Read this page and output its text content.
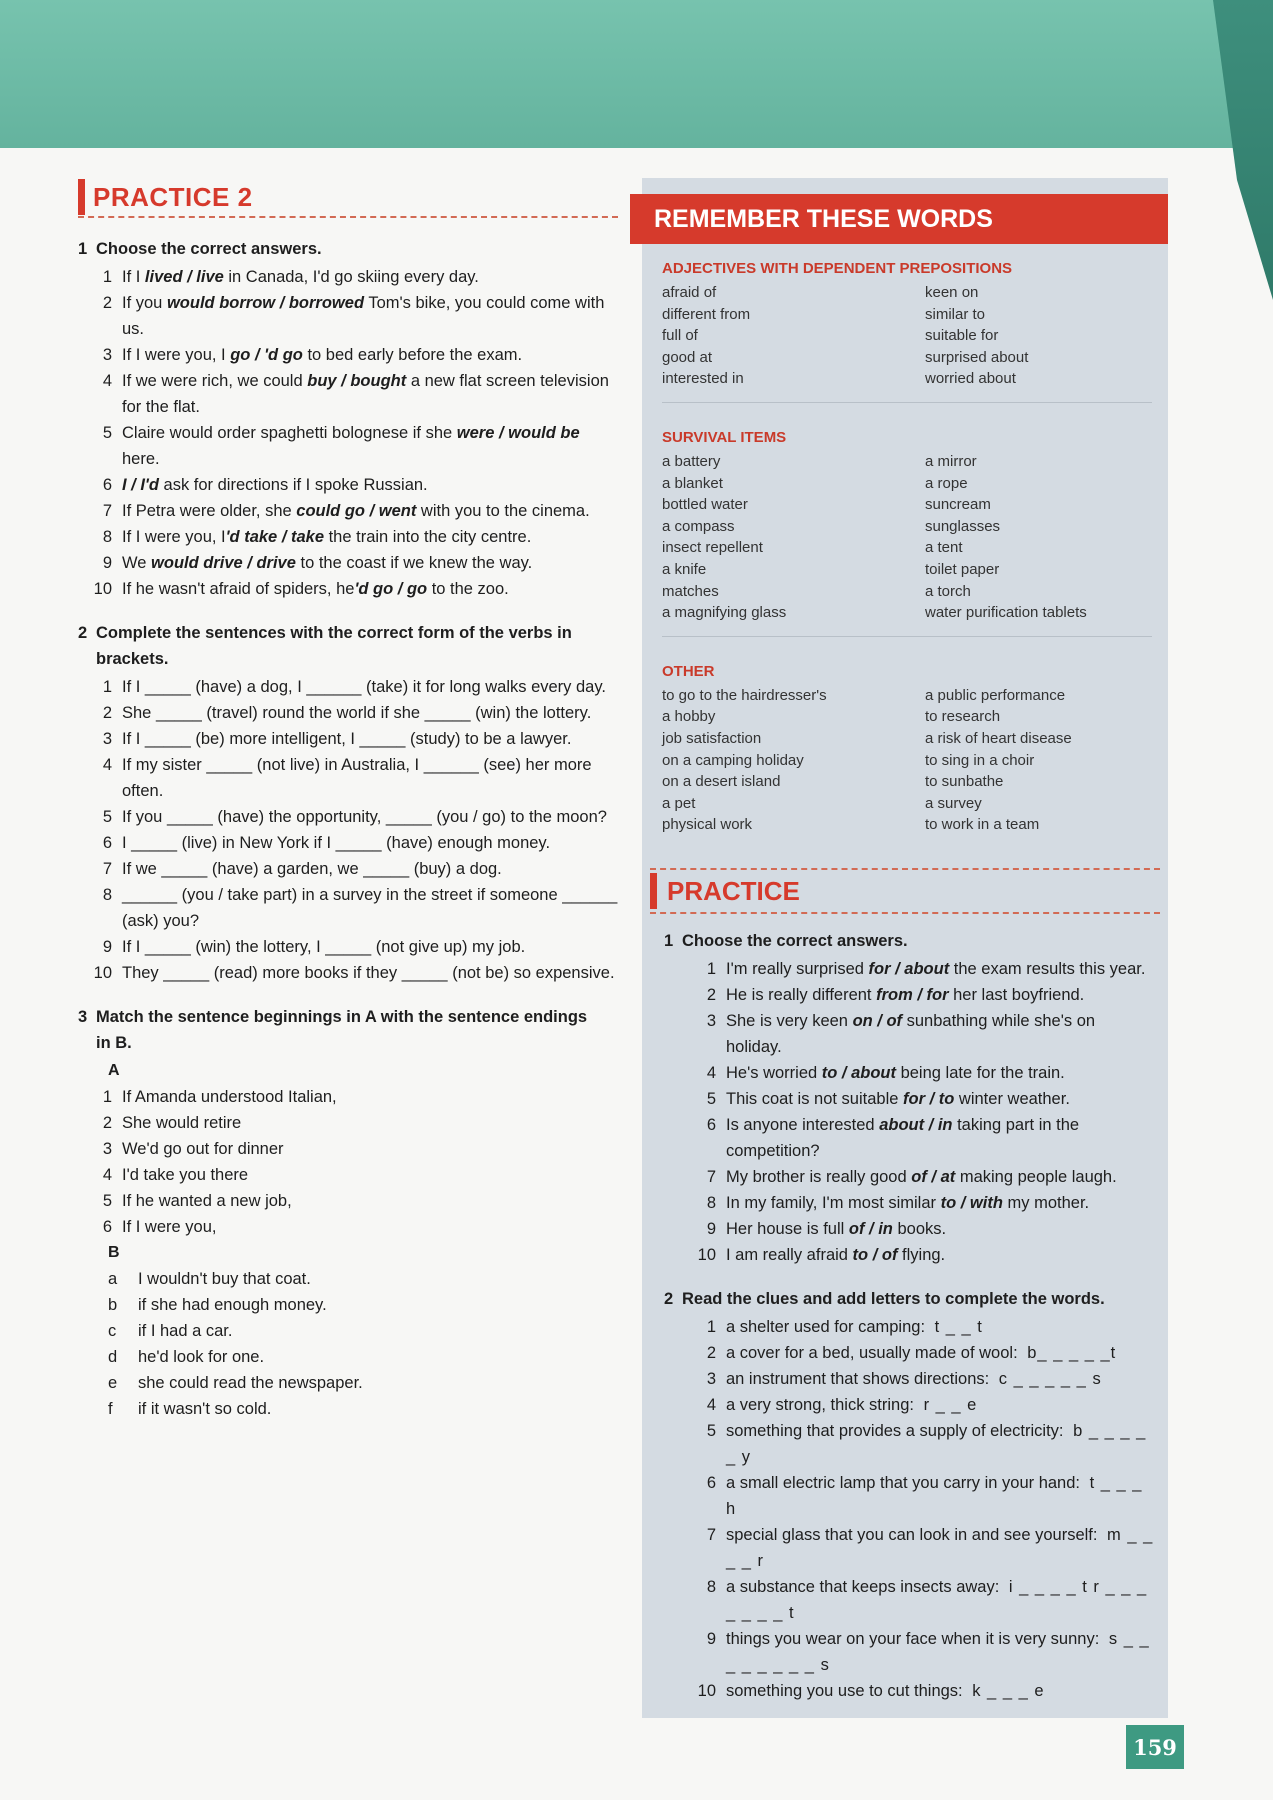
PRACTICE 2
1 Choose the correct answers.
1 If I lived / live in Canada, I'd go skiing every day.
2 If you would borrow / borrowed Tom's bike, you could come with us.
3 If I were you, I go / 'd go to bed early before the exam.
4 If we were rich, we could buy / bought a new flat screen television for the flat.
5 Claire would order spaghetti bolognese if she were / would be here.
6 I / I'd ask for directions if I spoke Russian.
7 If Petra were older, she could go / went with you to the cinema.
8 If I were you, I'd take / take the train into the city centre.
9 We would drive / drive to the coast if we knew the way.
10 If he wasn't afraid of spiders, he'd go / go to the zoo.
2 Complete the sentences with the correct form of the verbs in brackets.
1 If I _____ (have) a dog, I ______ (take) it for long walks every day.
2 She _____ (travel) round the world if she _____ (win) the lottery.
3 If I _____ (be) more intelligent, I _____ (study) to be a lawyer.
4 If my sister _____ (not live) in Australia, I ______ (see) her more often.
5 If you _____ (have) the opportunity, _____ (you / go) to the moon?
6 I _____ (live) in New York if I _____ (have) enough money.
7 If we _____ (have) a garden, we _____ (buy) a dog.
8 ______ (you / take part) in a survey in the street if someone ______ (ask) you?
9 If I _____ (win) the lottery, I _____ (not give up) my job.
10 They _____ (read) more books if they _____ (not be) so expensive.
3 Match the sentence beginnings in A with the sentence endings in B.
A
1 If Amanda understood Italian,
2 She would retire
3 We'd go out for dinner
4 I'd take you there
5 If he wanted a new job,
6 If I were you,
B
a	I wouldn't buy that coat.
b	if she had enough money.
c	if I had a car.
d	he'd look for one.
e	she could read the newspaper.
f	if it wasn't so cold.
REMEMBER THESE WORDS
ADJECTIVES WITH DEPENDENT PREPOSITIONS
afraid of	keen on
different from	similar to
full of	suitable for
good at	surprised about
interested in	worried about
SURVIVAL ITEMS
a battery	a mirror
a blanket	a rope
bottled water	suncream
a compass	sunglasses
insect repellent	a tent
a knife	toilet paper
matches	a torch
a magnifying glass	water purification tablets
OTHER
to go to the hairdresser's	a public performance
a hobby	to research
job satisfaction	a risk of heart disease
on a camping holiday	to sing in a choir
on a desert island	to sunbathe
a pet	a survey
physical work	to work in a team
PRACTICE
1 Choose the correct answers.
1 I'm really surprised for / about the exam results this year.
2 He is really different from / for her last boyfriend.
3 She is very keen on / of sunbathing while she's on holiday.
4 He's worried to / about being late for the train.
5 This coat is not suitable for / to winter weather.
6 Is anyone interested about / in taking part in the competition?
7 My brother is really good of / at making people laugh.
8 In my family, I'm most similar to / with my mother.
9 Her house is full of / in books.
10 I am really afraid to / of flying.
2 Read the clues and add letters to complete the words.
1 a shelter used for camping: t _ _ t
2 a cover for a bed, usually made of wool: b_ _ _ _ _t
3 an instrument that shows directions: c _ _ _ _ _ s
4 a very strong, thick string: r _ _ e
5 something that provides a supply of electricity: b _ _ _ _ _ y
6 a small electric lamp that you carry in your hand: t _ _ _ h
7 special glass that you can look in and see yourself: m _ _ _ _ r
8 a substance that keeps insects away: i _ _ _ _ t r _ _ _ _ _ _ _ t
9 things you wear on your face when it is very sunny: s _ _ _ _ _ _ _ _ s
10 something you use to cut things: k _ _ _ e
159
